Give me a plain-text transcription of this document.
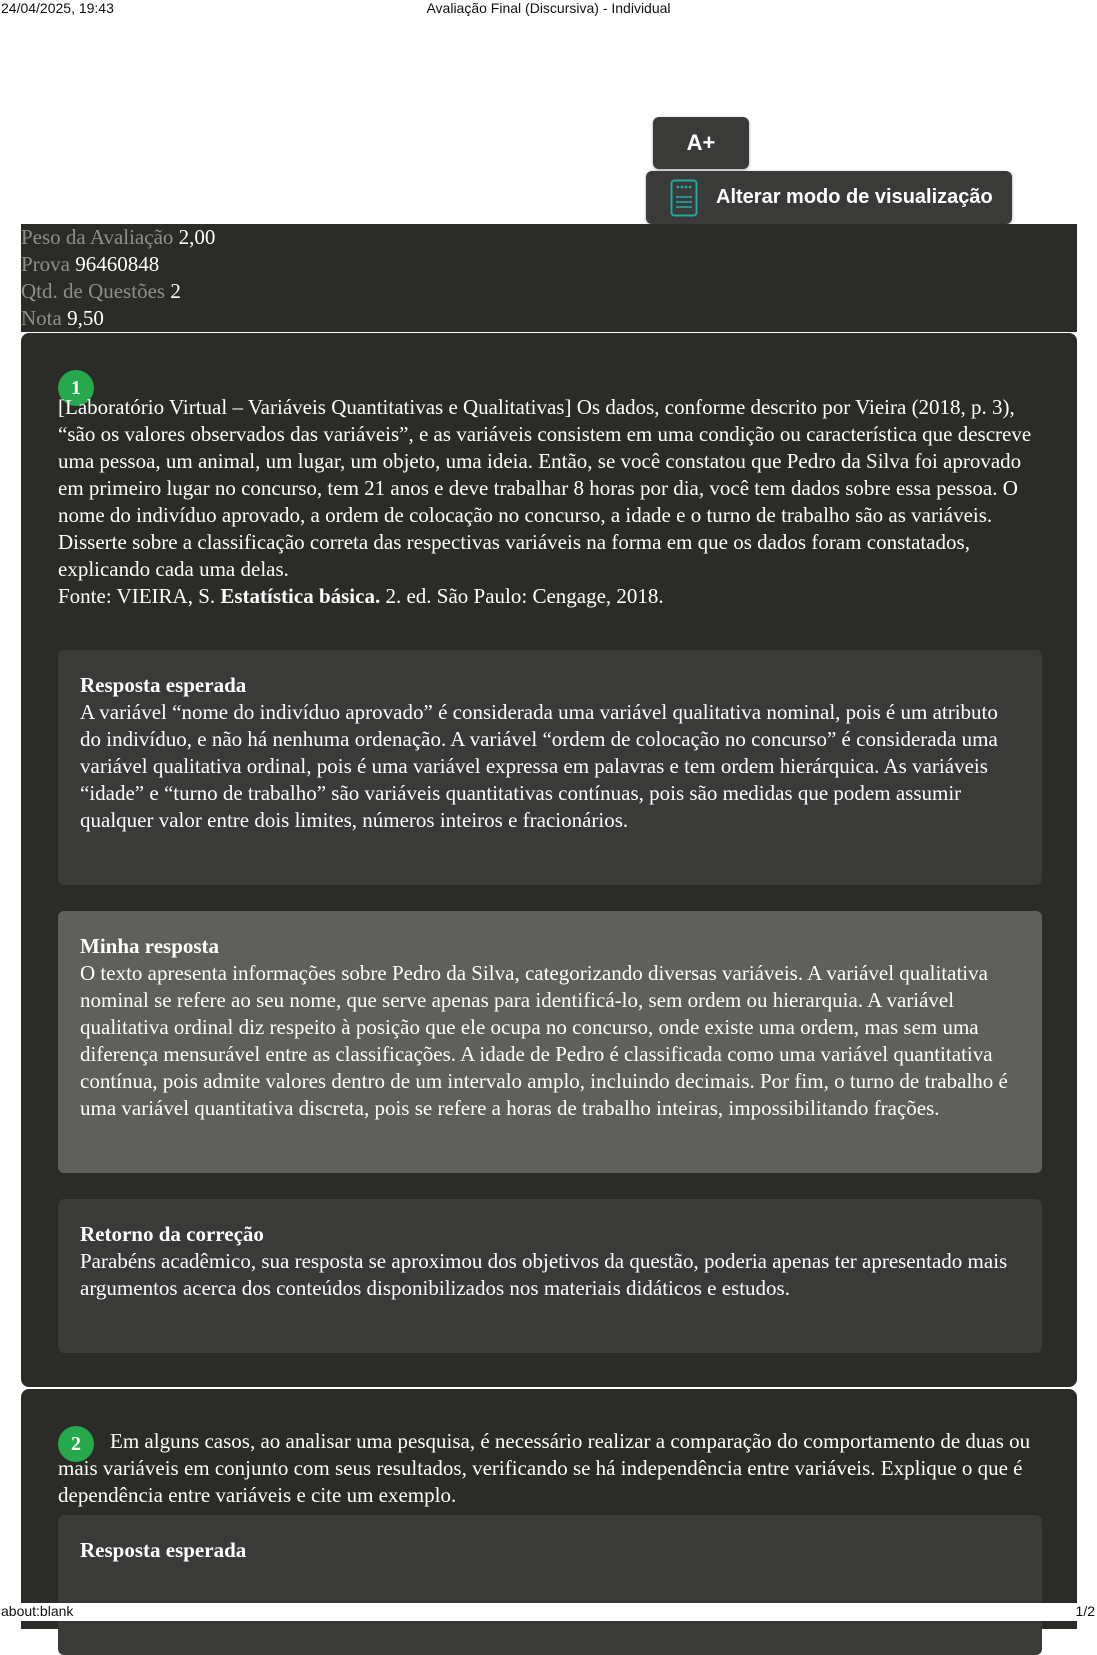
24/04/2025, 19:43	Avaliação Final (Discursiva) - Individual
A+
Alterar modo de visualização
Peso da Avaliação 2,00
Prova 96460848
Qtd. de Questões 2
Nota 9,50
1

[Laboratório Virtual – Variáveis Quantitativas e Qualitativas] Os dados, conforme descrito por Vieira (2018, p. 3), “são os valores observados das variáveis”, e as variáveis consistem em uma condição ou característica que descreve uma pessoa, um animal, um lugar, um objeto, uma ideia. Então, se você constatou que Pedro da Silva foi aprovado em primeiro lugar no concurso, tem 21 anos e deve trabalhar 8 horas por dia, você tem dados sobre essa pessoa. O nome do indivíduo aprovado, a ordem de colocação no concurso, a idade e o turno de trabalho são as variáveis.

Disserte sobre a classificação correta das respectivas variáveis na forma em que os dados foram constatados, explicando cada uma delas.

Fonte: VIEIRA, S. Estatística básica. 2. ed. São Paulo: Cengage, 2018.

Resposta esperada
A variável “nome do indivíduo aprovado” é considerada uma variável qualitativa nominal, pois é um atributo do indivíduo, e não há nenhuma ordenação. A variável “ordem de colocação no concurso” é considerada uma variável qualitativa ordinal, pois é uma variável expressa em palavras e tem ordem hierárquica. As variáveis “idade” e “turno de trabalho” são variáveis quantitativas contínuas, pois são medidas que podem assumir qualquer valor entre dois limites, números inteiros e fracionários.
Minha resposta
O texto apresenta informações sobre Pedro da Silva, categorizando diversas variáveis. A variável qualitativa nominal se refere ao seu nome, que serve apenas para identificá-lo, sem ordem ou hierarquia. A variável qualitativa ordinal diz respeito à posição que ele ocupa no concurso, onde existe uma ordem, mas sem uma diferença mensurável entre as classificações. A idade de Pedro é classificada como uma variável quantitativa contínua, pois admite valores dentro de um intervalo amplo, incluindo decimais. Por fim, o turno de trabalho é uma variável quantitativa discreta, pois se refere a horas de trabalho inteiras, impossibilitando frações.
Retorno da correção
Parabéns acadêmico, sua resposta se aproximou dos objetivos da questão, poderia apenas ter apresentado mais argumentos acerca dos conteúdos disponibilizados nos materiais didáticos e estudos.
2	Em alguns casos, ao analisar uma pesquisa, é necessário realizar a comparação do comportamento de duas ou mais variáveis em conjunto com seus resultados, verificando se há independência entre variáveis. Explique o que é dependência entre variáveis e cite um exemplo.
Resposta esperada
about:blank	1/2
